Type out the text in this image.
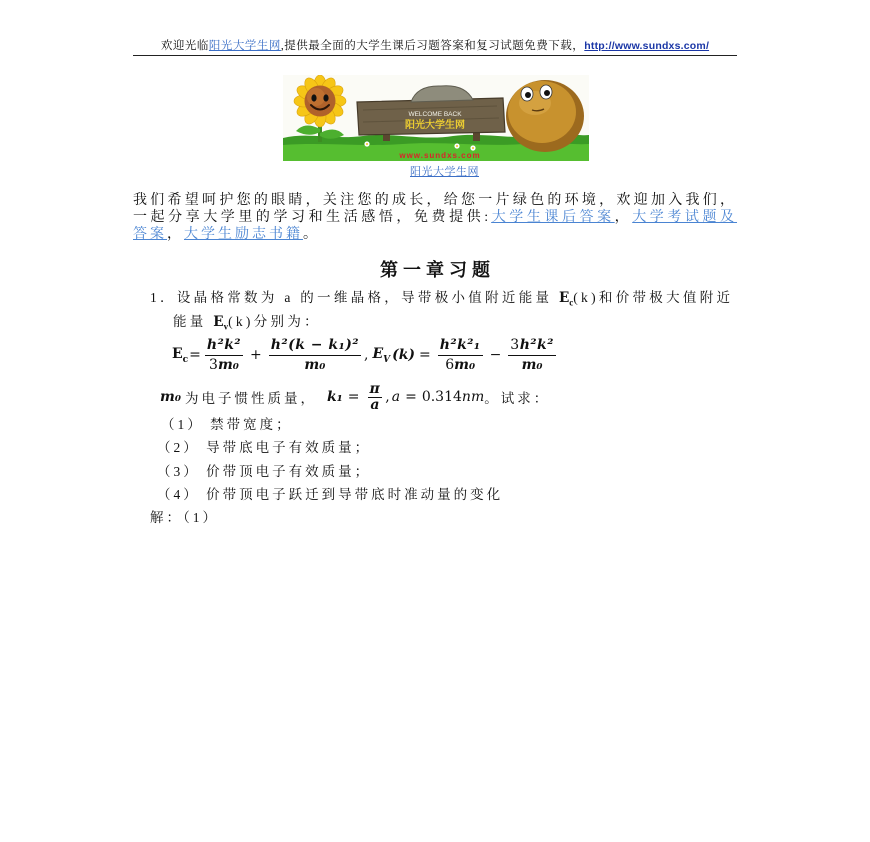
欢迎光临阳光大学生网,提供最全面的大学生课后习题答案和复习试题免费下载，http://www.sundxs.com/
WELCOME BACK
阳光大学生网
www.sundxs.com
阳光大学生网
我们希望呵护您的眼睛，关注您的成长，给您一片绿色的环境，欢迎加入我们，
一起分享大学里的学习和生活感悟，免费提供:大学生课后答案，大学考试题及
答案，大学生励志书籍。
第一章习题
1．设晶格常数为 a 的一维晶格，导带极小值附近能量 $E_c(k)$和价带极大值附近
能量 $E_v(k)$分别为：
$E_c = \frac{\text{h²k²}}{\text{3m₀}} + \frac{\text{h²(k − k₁)²}}{\text{m₀}}$ , $E_V$ $(k) = \frac{\text{h²k²₁}}{\text{6m₀}} - \frac{\text{3h²k²}}{\text{m₀}}$
m₀ 为电子惯性质量， $k_1 = \frac{\pi}{a}$ , a = 0.314 nm 。试求：
（1） 禁带宽度；
（2） 导带底电子有效质量；
（3） 价带顶电子有效质量；
（4） 价带顶电子跃迁到导带底时准动量的变化
解：（1）
